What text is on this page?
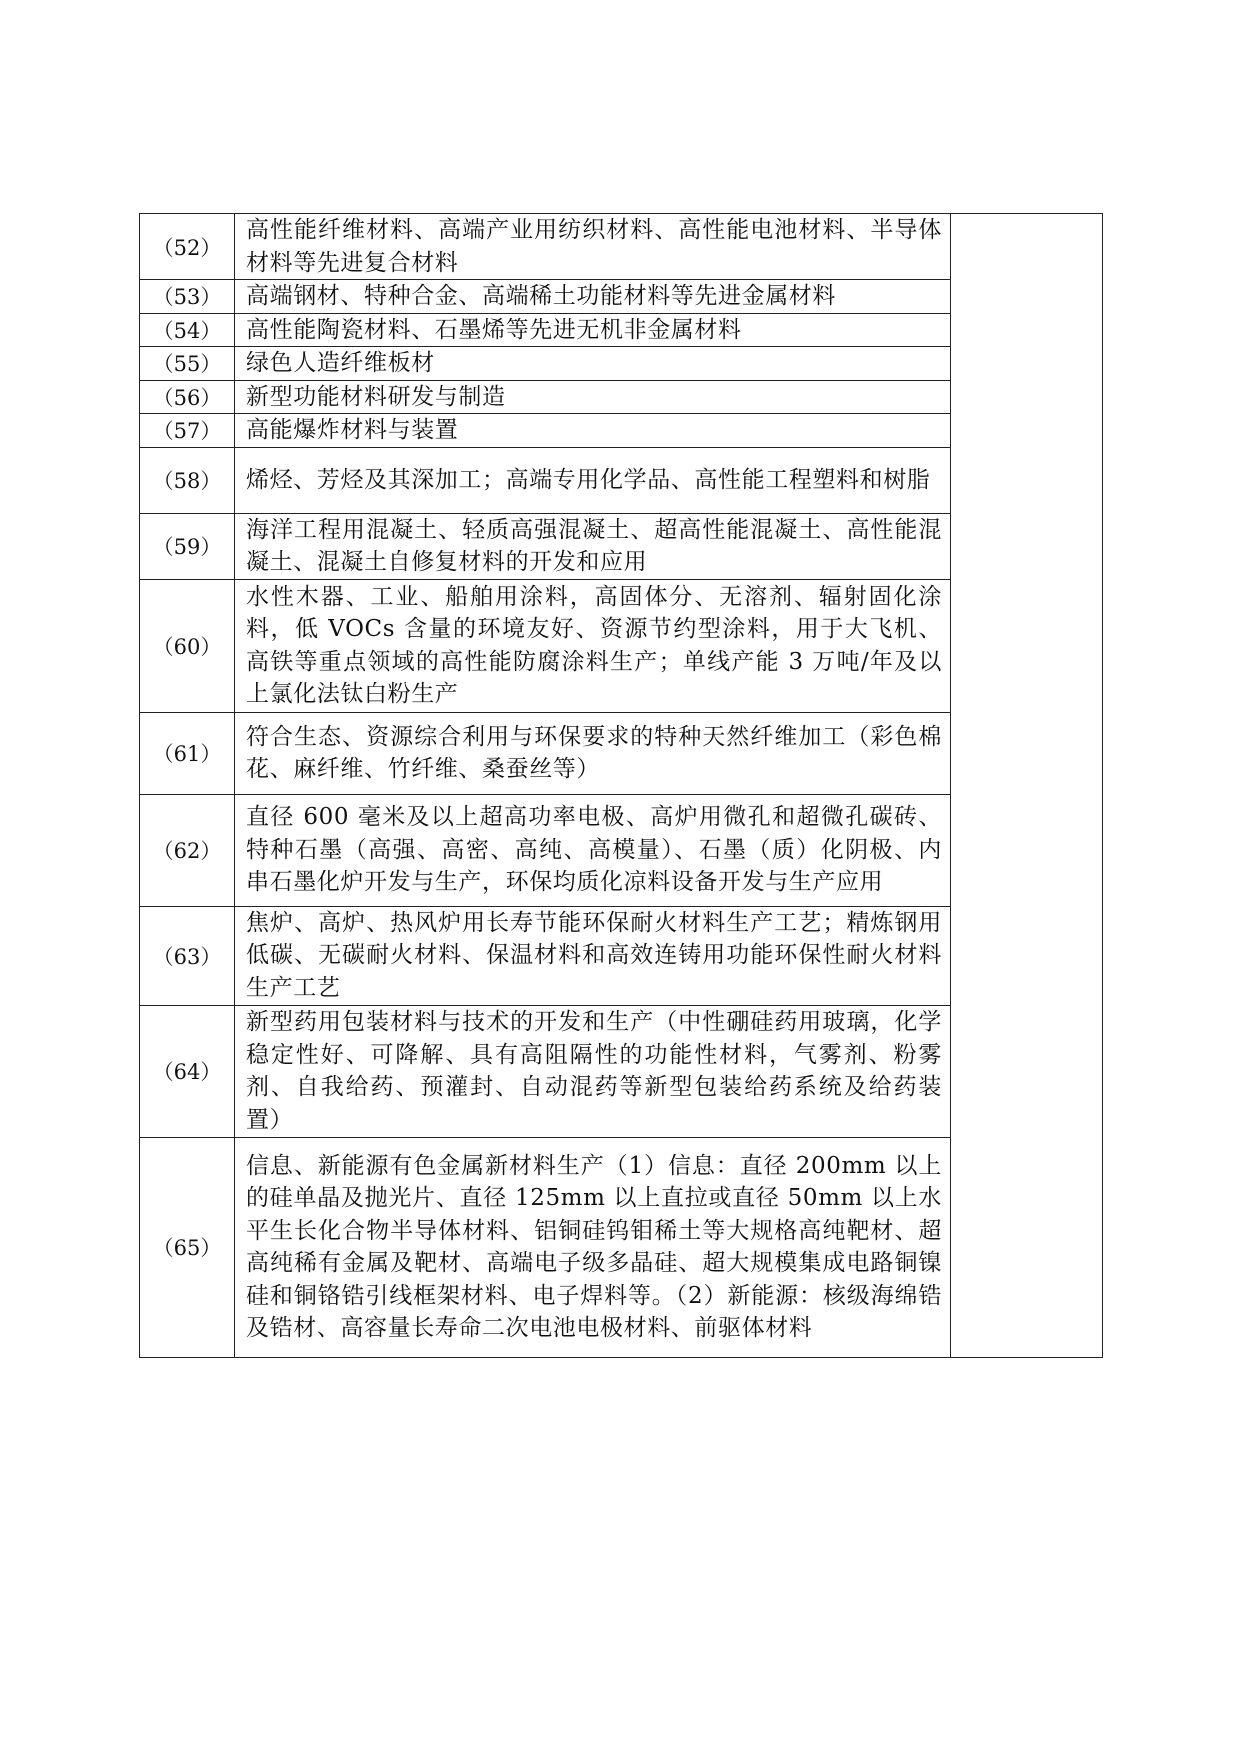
（52）	高性能纤维材料、高端产业用纺织材料、高性能电池材料、半导体材料等先进复合材料	
（53）	高端钢材、特种合金、高端稀土功能材料等先进金属材料	
（54）	高性能陶瓷材料、石墨烯等先进无机非金属材料	
（55）	绿色人造纤维板材	
（56）	新型功能材料研发与制造	
（57）	高能爆炸材料与装置	
（58）	烯烃、芳烃及其深加工；高端专用化学品、高性能工程塑料和树脂	
（59）	海洋工程用混凝土、轻质高强混凝土、超高性能混凝土、高性能混凝土、混凝土自修复材料的开发和应用	
（60）	水性木器、工业、船舶用涂料，高固体分、无溶剂、辐射固化涂料，低 VOCs 含量的环境友好、资源节约型涂料，用于大飞机、高铁等重点领域的高性能防腐涂料生产；单线产能 3 万吨/年及以上氯化法钛白粉生产	
（61）	符合生态、资源综合利用与环保要求的特种天然纤维加工（彩色棉花、麻纤维、竹纤维、桑蚕丝等）	
（62）	直径 600 毫米及以上超高功率电极、高炉用微孔和超微孔碳砖、特种石墨（高强、高密、高纯、高模量）、石墨（质）化阴极、内串石墨化炉开发与生产，环保均质化凉料设备开发与生产应用	
（63）	焦炉、高炉、热风炉用长寿节能环保耐火材料生产工艺；精炼钢用低碳、无碳耐火材料、保温材料和高效连铸用功能环保性耐火材料生产工艺	
（64）	新型药用包装材料与技术的开发和生产（中性硼硅药用玻璃，化学稳定性好、可降解、具有高阻隔性的功能性材料，气雾剂、粉雾剂、自我给药、预灌封、自动混药等新型包装给药系统及给药装置）	
（65）	信息、新能源有色金属新材料生产（1）信息：直径 200mm 以上的硅单晶及抛光片、直径 125mm 以上直拉或直径 50mm 以上水平生长化合物半导体材料、铝铜硅钨钼稀土等大规格高纯靶材、超高纯稀有金属及靶材、高端电子级多晶硅、超大规模集成电路铜镍硅和铜铬锆引线框架材料、电子焊料等。（2）新能源：核级海绵锆及锆材、高容量长寿命二次电池电极材料、前驱体材料	
